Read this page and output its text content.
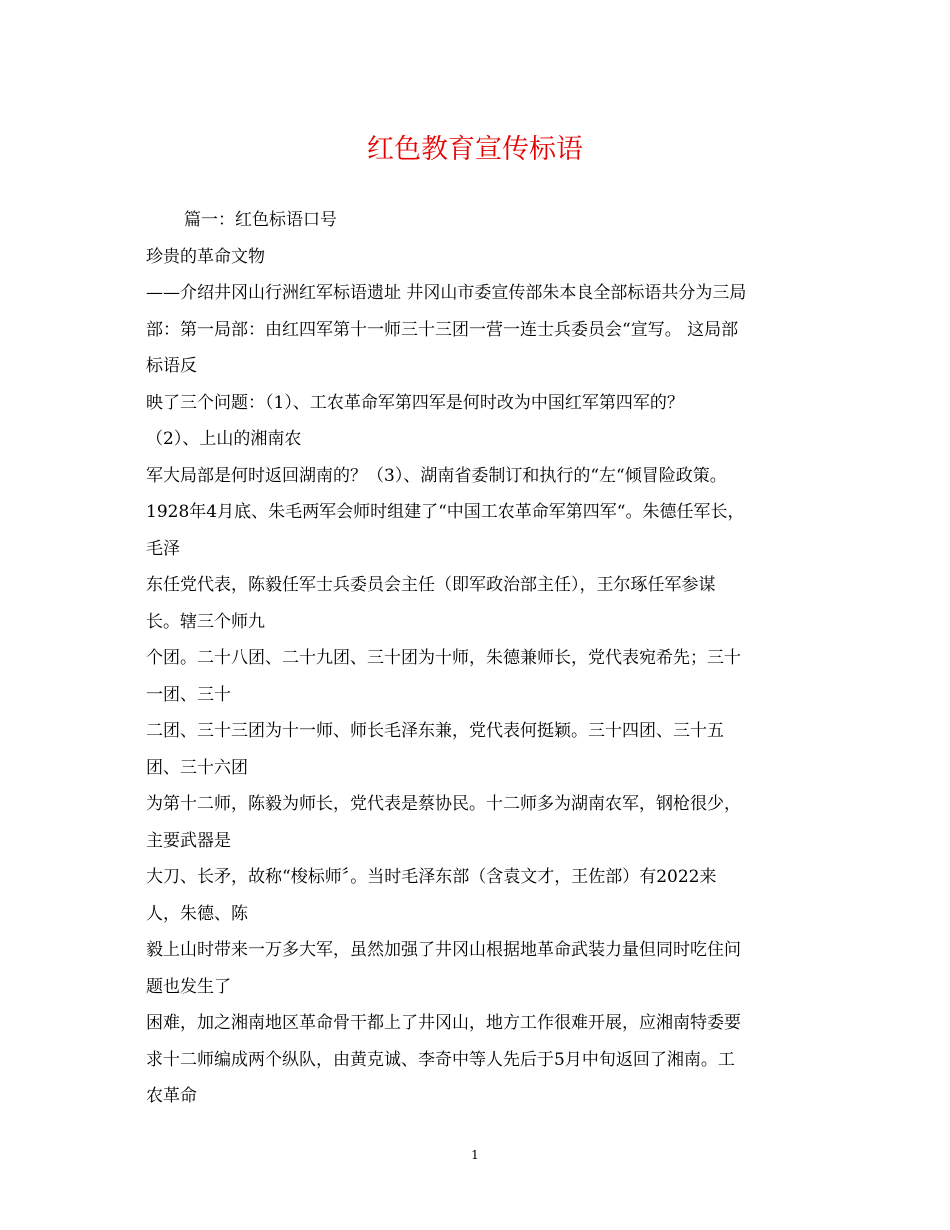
红色教育宣传标语
篇一：红色标语口号
珍贵的革命文物
——介绍井冈山行洲红军标语遗址 井冈山市委宣传部朱本良全部标语共分为三局
部：第一局部：由红四军第十一师三十三团一营一连士兵委员会“宣写。 这局部
标语反
映了三个问题：（1）、工农革命军第四军是何时改为中国红军第四军的？
（2）、上山的湘南农
军大局部是何时返回湖南的？（3）、湖南省委制订和执行的“左“倾冒险政策。
1928年4月底、朱毛两军会师时组建了“中国工农革命军第四军“。朱德任军长，
毛泽
东任党代表，陈毅任军士兵委员会主任（即军政治部主任），王尔琢任军参谋
长。辖三个师九
个团。二十八团、二十九团、三十团为十师，朱德兼师长，党代表宛希先；三十
一团、三十
二团、三十三团为十一师、师长毛泽东兼，党代表何挺颖。三十四团、三十五
团、三十六团
为第十二师，陈毅为师长，党代表是蔡协民。十二师多为湖南农军，钢枪很少，
主要武器是
大刀、长矛，故称“梭标师〞。当时毛泽东部（含袁文才，王佐部）有2022来
人，朱德、陈
毅上山时带来一万多大军，虽然加强了井冈山根据地革命武装力量但同时吃住问
题也发生了
困难，加之湘南地区革命骨干都上了井冈山，地方工作很难开展，应湘南特委要
求十二师编成两个纵队，由黄克诚、李奇中等人先后于5月中旬返回了湘南。工
农革命
1
